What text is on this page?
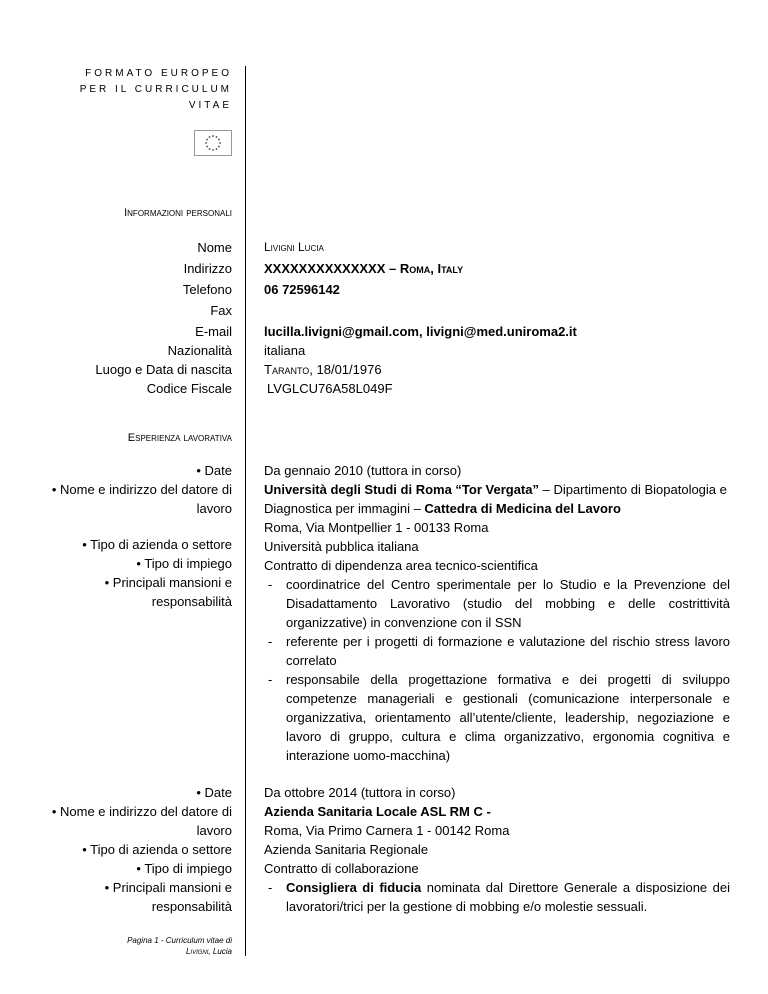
FORMATO EUROPEO
PER IL CURRICULUM
VITAE
Informazioni personali
Nome
Indirizzo
Telefono
Fax
E-mail
Nazionalità
Luogo e Data di nascita
Codice Fiscale
Livigni Lucia
XXXXXXXXXXXXXX – Roma, Italy
06 72596142
lucilla.livigni@gmail.com, livigni@med.uniroma2.it
italiana
Taranto, 18/01/1976
LVGLCU76A58L049F
Esperienza lavorativa
• Date
• Nome e indirizzo del datore di lavoro
• Tipo di azienda o settore
• Tipo di impiego
• Principali mansioni e responsabilità
Da gennaio 2010 (tuttora in corso)
Università degli Studi di Roma “Tor Vergata” – Dipartimento di Biopatologia e Diagnostica per immagini – Cattedra di Medicina del Lavoro
Roma, Via Montpellier 1 - 00133 Roma
Università pubblica italiana
Contratto di dipendenza area tecnico-scientifica
- coordinatrice del Centro sperimentale per lo Studio e la Prevenzione del Disadattamento Lavorativo (studio del mobbing e delle costrittività organizzative) in convenzione con il SSN
- referente per i progetti di formazione e valutazione del rischio stress lavoro correlato
- responsabile della progettazione formativa e dei progetti di sviluppo competenze manageriali e gestionali (comunicazione interpersonale e organizzativa, orientamento all’utente/cliente, leadership, negoziazione e lavoro di gruppo, cultura e clima organizzativo, ergonomia cognitiva e interazione uomo-macchina)
• Date
• Nome e indirizzo del datore di lavoro
• Tipo di azienda o settore
• Tipo di impiego
• Principali mansioni e responsabilità
Da ottobre 2014 (tuttora in corso)
Azienda Sanitaria Locale ASL RM C -
Roma, Via Primo Carnera 1 - 00142 Roma
Azienda Sanitaria Regionale
Contratto di collaborazione
- Consigliera di fiducia nominata dal Direttore Generale a disposizione dei lavoratori/trici per la gestione di mobbing e/o molestie sessuali.
Pagina 1 - Curriculum vitae di
Livigni, Lucia
